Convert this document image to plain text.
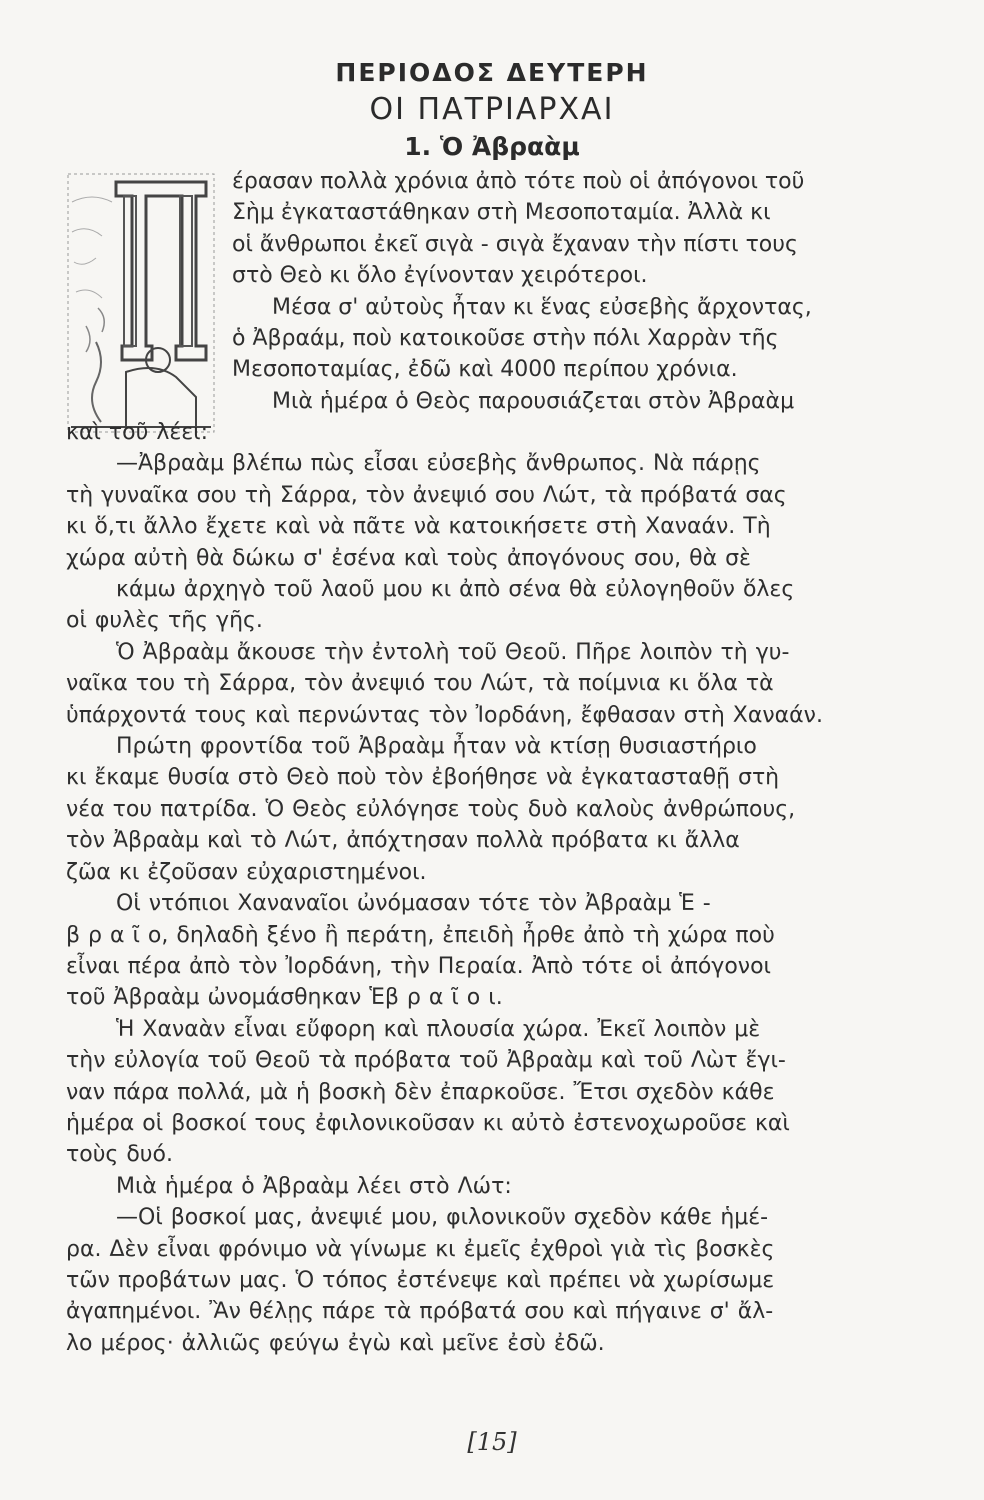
ΠΕΡΙΟΔΟΣ ΔΕΥΤΕΡΗ
ΟΙ ΠΑΤΡΙΑΡΧΑΙ
1. Ὁ Ἀβραὰμ
έρασαν πολλὰ χρόνια ἀπὸ τότε ποὺ οἱ ἀπόγονοι τοῦ
Σὴμ ἐγκαταστάθηκαν στὴ Μεσοποταμία. Ἀλλὰ κι
οἱ ἄνθρωποι ἐκεῖ σιγὰ - σιγὰ ἔχαναν τὴν πίστι τους
στὸ Θεὸ κι ὅλο ἐγίνονταν χειρότεροι.
Μέσα σ' αὐτοὺς ἦταν κι ἕνας εὐσεβὴς ἄρχοντας,
ὁ Ἀβραάμ, ποὺ κατοικοῦσε στὴν πόλι Χαρρὰν τῆς
Μεσοποταμίας, ἐδῶ καὶ 4000 περίπου χρόνια.
Μιὰ ἡμέρα ὁ Θεὸς παρουσιάζεται στὸν Ἀβραὰμ
καὶ τοῦ λέει:
—Ἀβραὰμ βλέπω πὼς εἶσαι εὐσεβὴς ἄνθρωπος. Νὰ πάρῃς
τὴ γυναῖκα σου τὴ Σάρρα, τὸν ἀνεψιό σου Λώτ, τὰ πρόβατά σας
κι ὅ,τι ἄλλο ἔχετε καὶ νὰ πᾶτε νὰ κατοικήσετε στὴ Χαναάν. Τὴ
χώρα αὐτὴ θὰ δώκω σ' ἐσένα καὶ τοὺς ἀπογόνους σου, θὰ σὲ
κάμω ἀρχηγὸ τοῦ λαοῦ μου κι ἀπὸ σένα θὰ εὐλογηθοῦν ὅλες
οἱ φυλὲς τῆς γῆς.
Ὁ Ἀβραὰμ ἄκουσε τὴν ἐντολὴ τοῦ Θεοῦ. Πῆρε λοιπὸν τὴ γυ-
ναῖκα του τὴ Σάρρα, τὸν ἀνεψιό του Λώτ, τὰ ποίμνια κι ὅλα τὰ
ὑπάρχοντά τους καὶ περνώντας τὸν Ἰορδάνη, ἔφθασαν στὴ Χαναάν.
Πρώτη φροντίδα τοῦ Ἀβραὰμ ἦταν νὰ κτίσῃ θυσιαστήριο
κι ἔκαμε θυσία στὸ Θεὸ ποὺ τὸν ἐβοήθησε νὰ ἐγκατασταθῇ στὴ
νέα του πατρίδα. Ὁ Θεὸς εὐλόγησε τοὺς δυὸ καλοὺς ἀνθρώπους,
τὸν Ἀβραὰμ καὶ τὸ Λώτ, ἀπόχτησαν πολλὰ πρόβατα κι ἄλλα
ζῶα κι ἐζοῦσαν εὐχαριστημένοι.
Οἱ ντόπιοι Χαναναῖοι ὠνόμασαν τότε τὸν Ἀβραὰμ Ἑ -
β ρ α ῖ ο, δηλαδὴ ξένο ἢ περάτη, ἐπειδὴ ἦρθε ἀπὸ τὴ χώρα ποὺ
εἶναι πέρα ἀπὸ τὸν Ἰορδάνη, τὴν Περαία. Ἀπὸ τότε οἱ ἀπόγονοι
τοῦ Ἀβραὰμ ὠνομάσθηκαν Ἑβ ρ α ῖ ο ι.
Ἡ Χαναὰν εἶναι εὔφορη καὶ πλουσία χώρα. Ἐκεῖ λοιπὸν μὲ
τὴν εὐλογία τοῦ Θεοῦ τὰ πρόβατα τοῦ Ἀβραὰμ καὶ τοῦ Λὼτ ἔγι-
ναν πάρα πολλά, μὰ ἡ βοσκὴ δὲν ἐπαρκοῦσε. Ἔτσι σχεδὸν κάθε
ἡμέρα οἱ βοσκοί τους ἐφιλονικοῦσαν κι αὐτὸ ἐστενοχωροῦσε καὶ
τοὺς δυό.
Μιὰ ἡμέρα ὁ Ἀβραὰμ λέει στὸ Λώτ:
—Οἱ βοσκοί μας, ἀνεψιέ μου, φιλονικοῦν σχεδὸν κάθε ἡμέ-
ρα. Δὲν εἶναι φρόνιμο νὰ γίνωμε κι ἐμεῖς ἐχθροὶ γιὰ τὶς βοσκὲς
τῶν προβάτων μας. Ὁ τόπος ἐστένεψε καὶ πρέπει νὰ χωρίσωμε
ἀγαπημένοι. Ἂν θέλῃς πάρε τὰ πρόβατά σου καὶ πήγαινε σ' ἄλ-
λο μέρος· ἀλλιῶς φεύγω ἐγὼ καὶ μεῖνε ἐσὺ ἐδῶ.
[15]
